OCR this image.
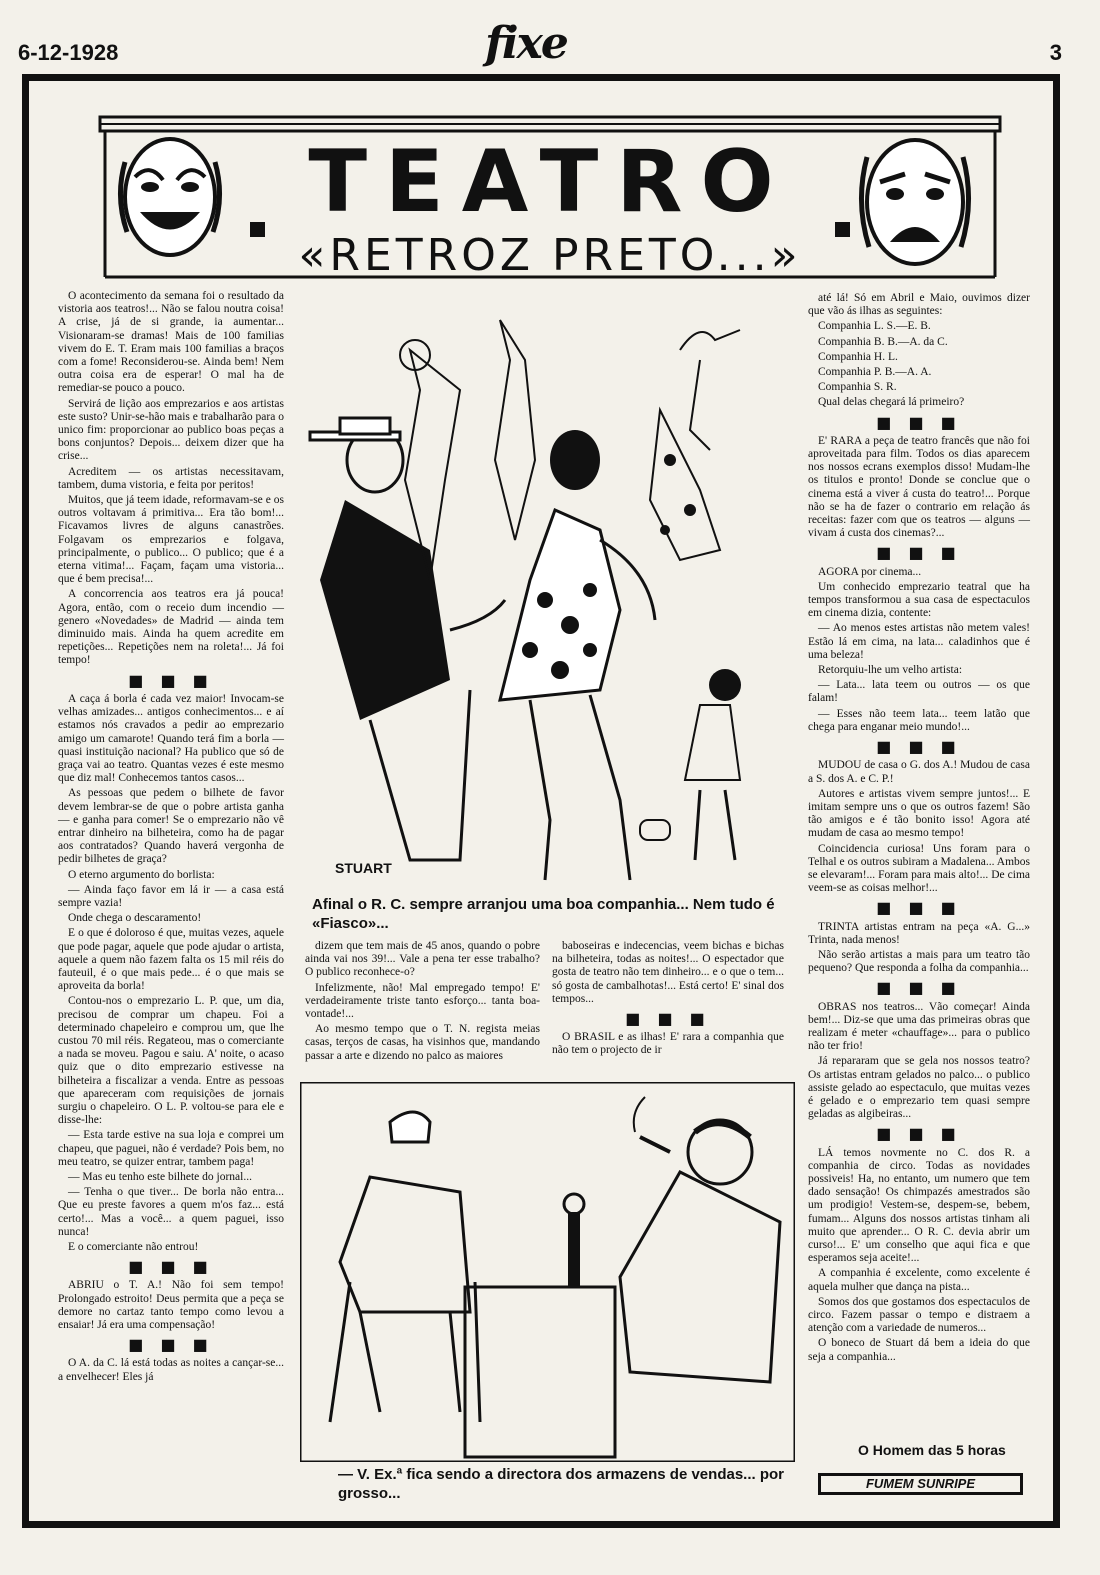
6-12-1928	fixe	3
TEATRO
«RETROZ PRETO...»

O acontecimento da semana foi o resultado da vistoria aos teatros!... Não se falou noutra coisa! A crise, já de si grande, ia aumentar... Visionaram-se dramas! Mais de 100 familias vivem do E. T. Eram mais 100 familias a braços com a fome! Reconsiderou-se. Ainda bem! Nem outra coisa era de esperar! O mal ha de remediar-se pouco a pouco.

Servirá de lição aos emprezarios e aos artistas este susto? Unir-se-hão mais e trabalharão para o unico fim: proporcionar ao publico boas peças a bons conjuntos? Depois... deixem dizer que ha crise...

Acreditem — os artistas necessitavam, tambem, duma vistoria, e feita por peritos!

Muitos, que já teem idade, reformavam-se e os outros voltavam á primitiva... Era tão bom!... Ficavamos livres de alguns canastrões. Folgavam os emprezarios e folgava, principalmente, o publico... O publico; que é a eterna vitima!... Façam, façam uma vistoria... que é bem precisa!...

A concorrencia aos teatros era já pouca! Agora, então, com o receio dum incendio — genero «Novedades» de Madrid — ainda tem diminuido mais. Ainda ha quem acredite em repetições... Repetições nem na roleta!... Já foi tempo!

■ ■ ■

A caça á borla é cada vez maior! Invocam-se velhas amizades... antigos conhecimentos... e aí estamos nós cravados a pedir ao emprezario amigo um camarote! Quando terá fim a borla — quasi instituição nacional? Ha publico que só de graça vai ao teatro. Quantas vezes é este mesmo que diz mal! Conhecemos tantos casos...

As pessoas que pedem o bilhete de favor devem lembrar-se de que o pobre artista ganha — e ganha para comer! Se o emprezario não vê entrar dinheiro na bilheteira, como ha de pagar aos contratados? Quando haverá vergonha de pedir bilhetes de graça?

O eterno argumento do borlista:

— Ainda faço favor em lá ir — a casa está sempre vazia!

Onde chega o descaramento!

E o que é doloroso é que, muitas vezes, aquele que pode pagar, aquele que pode ajudar o artista, aquele a quem não fazem falta os 15 mil réis do fauteuil, é o que mais pede... é o que mais se aproveita da borla!

Contou-nos o emprezario L. P. que, um dia, precisou de comprar um chapeu. Foi a determinado chapeleiro e comprou um, que lhe custou 70 mil réis. Regateou, mas o comerciante a nada se moveu. Pagou e saiu. A' noite, o acaso quiz que o dito emprezario estivesse na bilheteira a fiscalizar a venda. Entre as pessoas que apareceram com requisições de jornais surgiu o chapeleiro. O L. P. voltou-se para ele e disse-lhe:

— Esta tarde estive na sua loja e comprei um chapeu, que paguei, não é verdade? Pois bem, no meu teatro, se quizer entrar, tambem paga!

— Mas eu tenho este bilhete do jornal...

— Tenha o que tiver... De borla não entra... Que eu preste favores a quem m'os faz... está certo!... Mas a você... a quem paguei, isso nunca!

E o comerciante não entrou!

■ ■ ■

ABRIU o T. A.! Não foi sem tempo! Prolongado estroito! Deus permita que a peça se demore no cartaz tanto tempo como levou a ensaiar! Já era uma compensação!

■ ■ ■

O A. da C. lá está todas as noites a cançar-se... a envelhecer! Eles já

STUART
Afinal o R. C. sempre arranjou uma boa companhia... Nem tudo é «Fiasco»...

dizem que tem mais de 45 anos, quando o pobre ainda vai nos 39!... Vale a pena ter esse trabalho? O publico reconhece-o?

Infelizmente, não! Mal empregado tempo! E' verdadeiramente triste tanto esforço... tanta boa-vontade!...

Ao mesmo tempo que o T. N. regista meias casas, terços de casas, ha visinhos que, mandando passar a arte e dizendo no palco as maiores

baboseiras e indecencias, veem bichas e bichas na bilheteira, todas as noites!... O espectador que gosta de teatro não tem dinheiro... e o que o tem... só gosta de cambalhotas!... Está certo! E' sinal dos tempos...

■ ■ ■

O BRASIL e as ilhas! E' rara a companhia que não tem o projecto de ir

— V. Ex.ª fica sendo a directora dos armazens de vendas... por grosso...

até lá! Só em Abril e Maio, ouvimos dizer que vão ás ilhas as seguintes:

Companhia L. S.—E. B.

Companhia B. B.—A. da C.

Companhia H. L.

Companhia P. B.—A. A.

Companhia S. R.

Qual delas chegará lá primeiro?

■ ■ ■

E' RARA a peça de teatro francês que não foi aproveitada para film. Todos os dias aparecem nos nossos ecrans exemplos disso! Mudam-lhe os titulos e pronto! Donde se conclue que o cinema está a viver á custa do teatro!... Porque não se ha de fazer o contrario em relação ás receitas: fazer com que os teatros — alguns — vivam á custa dos cinemas?...

■ ■ ■

AGORA por cinema...

Um conhecido emprezario teatral que ha tempos transformou a sua casa de espectaculos em cinema dizia, contente:

— Ao menos estes artistas não metem vales! Estão lá em cima, na lata... caladinhos que é uma beleza!

Retorquiu-lhe um velho artista:

— Lata... lata teem ou outros — os que falam!

— Esses não teem lata... teem latão que chega para enganar meio mundo!...

■ ■ ■

MUDOU de casa o G. dos A.! Mudou de casa a S. dos A. e C. P.!

Autores e artistas vivem sempre juntos!... E imitam sempre uns o que os outros fazem! São tão amigos e é tão bonito isso! Agora até mudam de casa ao mesmo tempo!

Coincidencia curiosa! Uns foram para o Telhal e os outros subiram a Madalena... Ambos se elevaram!... Foram para mais alto!... De cima veem-se as coisas melhor!...

■ ■ ■

TRINTA artistas entram na peça «A. G...» Trinta, nada menos!

Não serão artistas a mais para um teatro tão pequeno? Que responda a folha da companhia...

■ ■ ■

OBRAS nos teatros... Vão começar! Ainda bem!... Diz-se que uma das primeiras obras que realizam é meter «chauffage»... para o publico não ter frio!

Já repararam que se gela nos nossos teatro? Os artistas entram gelados no palco... o publico assiste gelado ao espectaculo, que muitas vezes é gelado e o emprezario tem quasi sempre geladas as algibeiras...

■ ■ ■

LÁ temos novmente no C. dos R. a companhia de circo. Todas as novidades possiveis! Ha, no entanto, um numero que tem dado sensação! Os chimpazés amestrados são um prodigio! Vestem-se, despem-se, bebem, fumam... Alguns dos nossos artistas tinham ali muito que aprender... O R. C. devia abrir um curso!... E' um conselho que aqui fica e que esperamos seja aceite!...

A companhia é excelente, como excelente é aquela mulher que dança na pista...

Somos dos que gostamos dos espectaculos de circo. Fazem passar o tempo e distraem a atenção com a variedade de numeros...

O boneco de Stuart dá bem a ideia do que seja a companhia...

O Homem das 5 horas
FUMEM SUNRIPE
